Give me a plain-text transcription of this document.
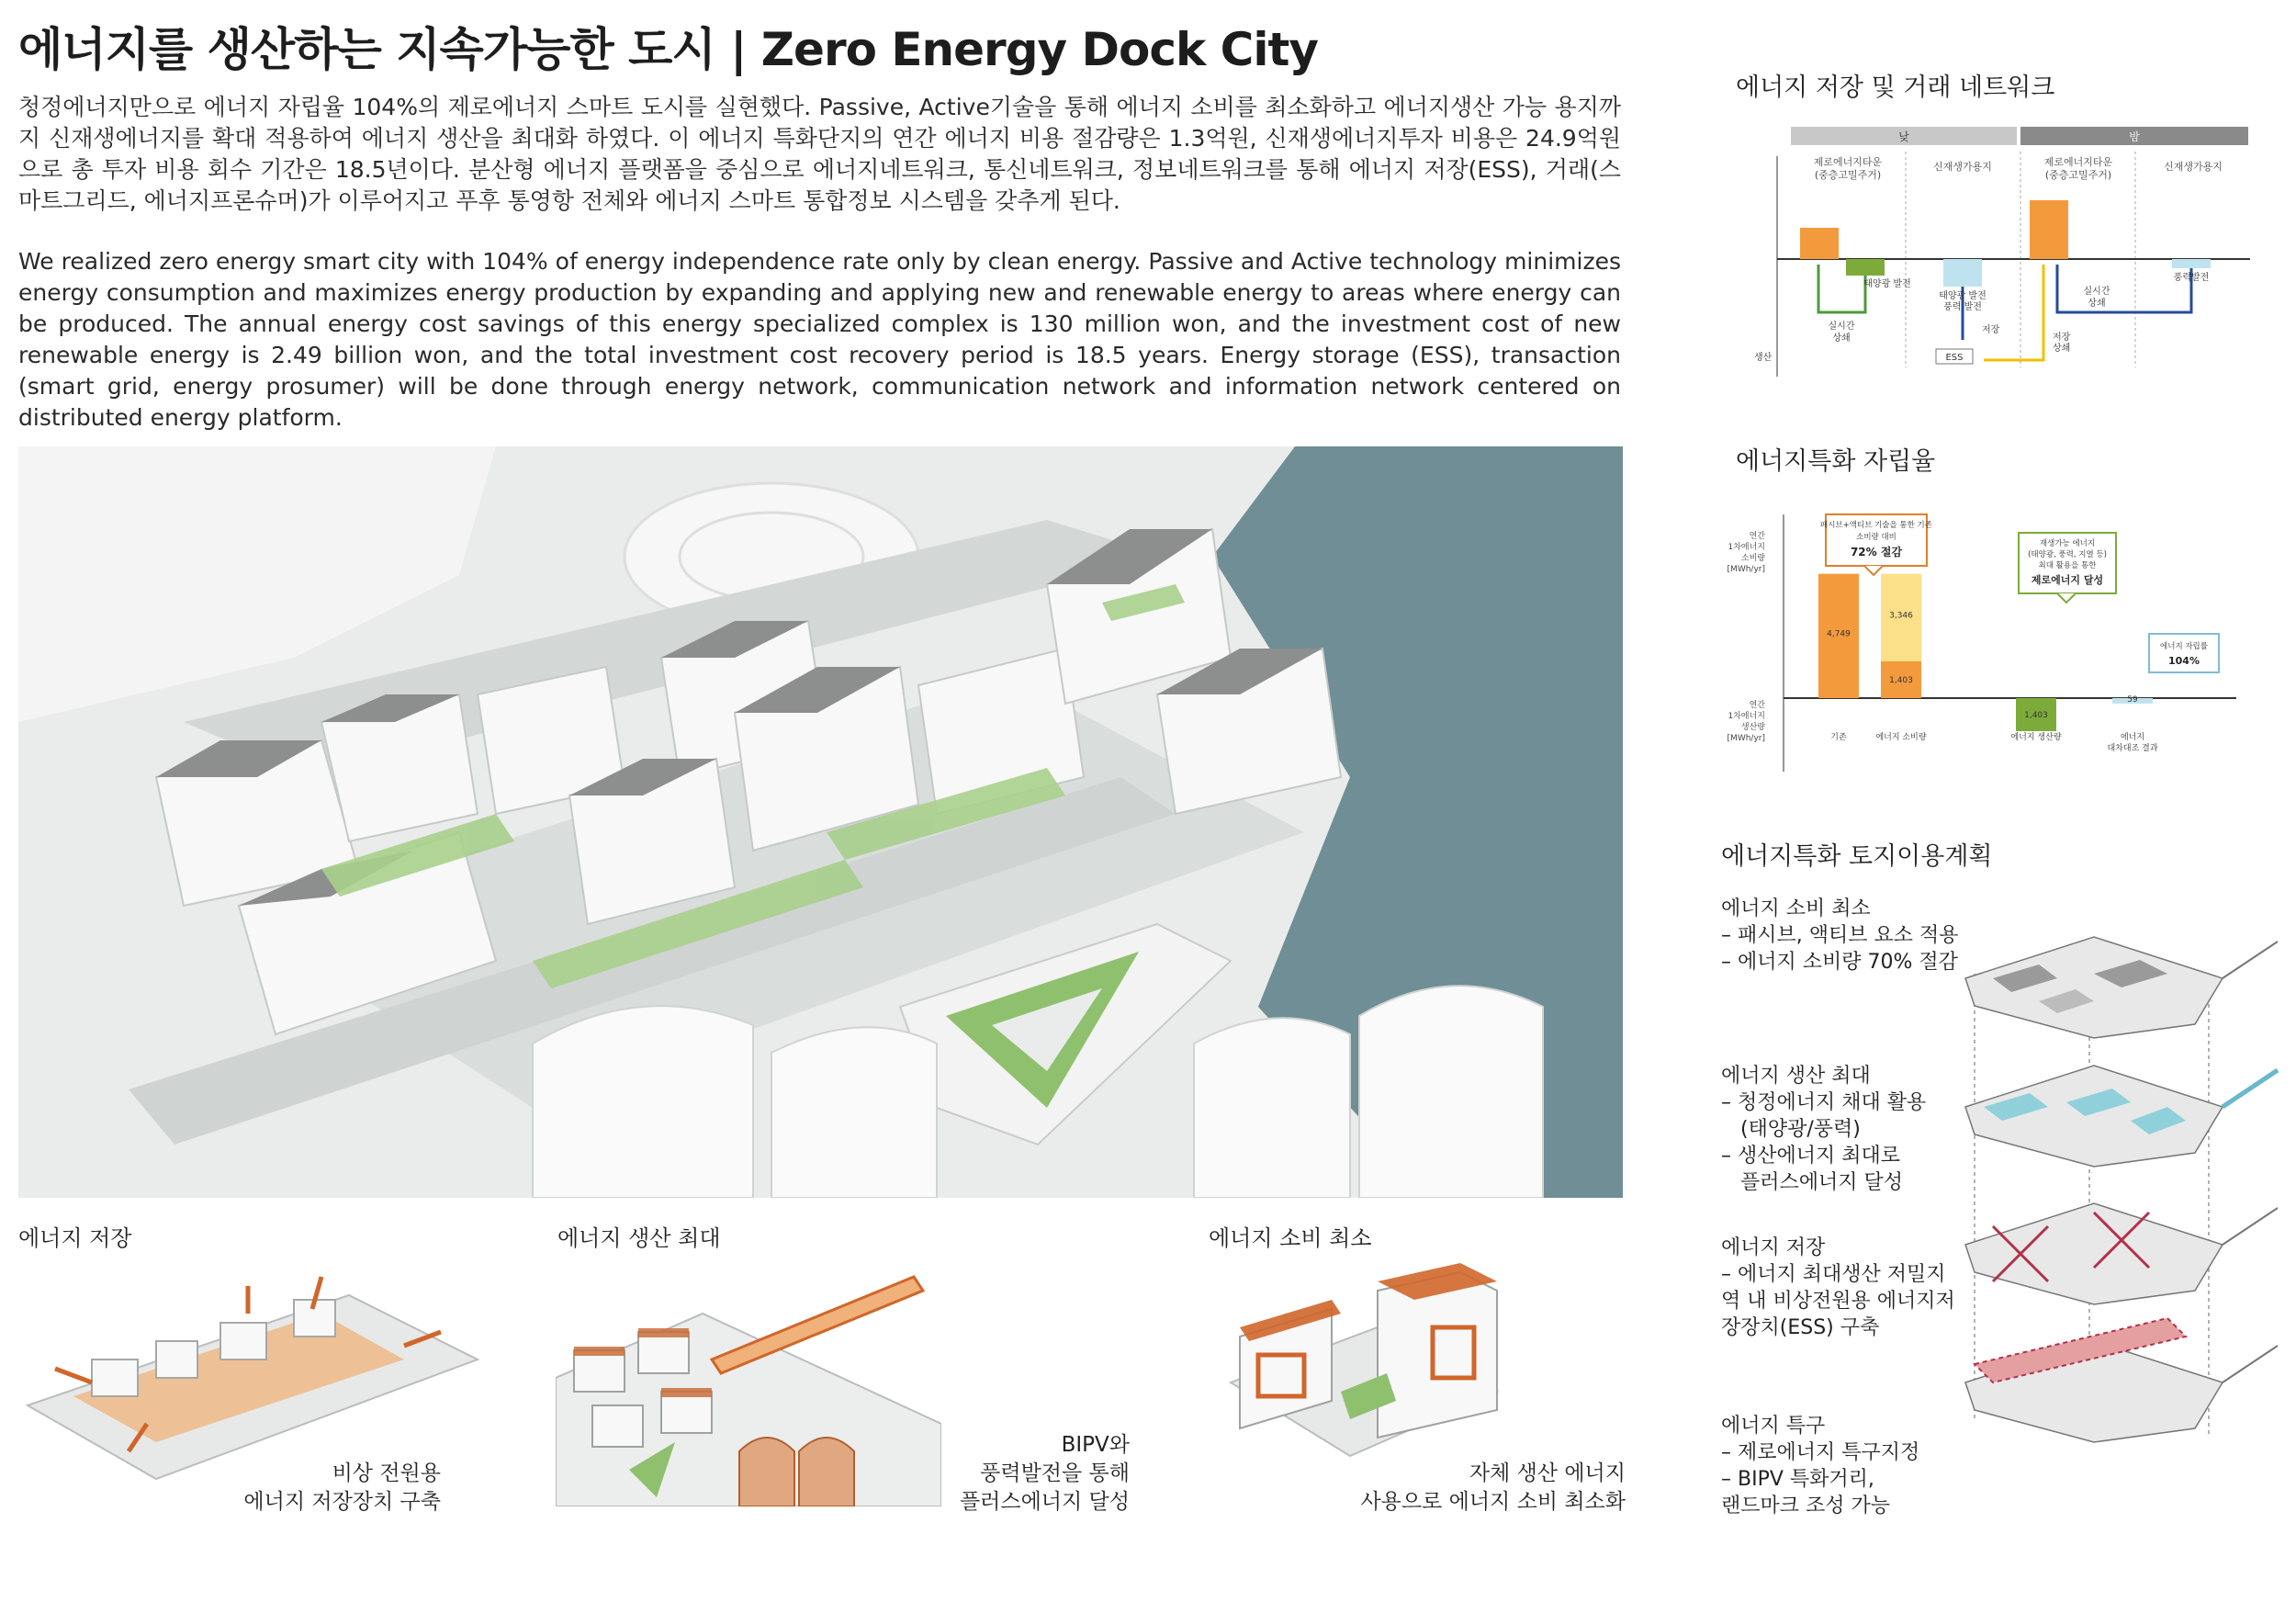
에너지를 생산하는 지속가능한 도시 | Zero Energy Dock City
청정에너지만으로 에너지 자립율 104%의 제로에너지 스마트 도시를 실현했다. Passive, Active기술을 통해 에너지 소비를 최소화하고 에너지생산 가능 용지까지 신재생에너지를 확대 적용하여 에너지 생산을 최대화 하였다. 이 에너지 특화단지의 연간 에너지 비용 절감량은 1.3억원, 신재생에너지투자 비용은 24.9억원으로 총 투자 비용 회수 기간은 18.5년이다. 분산형 에너지 플랫폼을 중심으로 에너지네트워크, 통신네트워크, 정보네트워크를 통해 에너지 저장(ESS), 거래(스마트그리드, 에너지프론슈머)가 이루어지고 푸후 통영항 전체와 에너지 스마트 통합정보 시스템을 갖추게 된다.
We realized zero energy smart city with 104% of energy independence rate only by clean energy. Passive and Active technology minimizes energy consumption and maximizes energy production by expanding and applying new and renewable energy to areas where energy can be produced. The annual energy cost savings of this energy specialized complex is 130 million won, and the investment cost of new renewable energy is 2.49 billion won, and the total investment cost recovery period is 18.5 years. Energy storage (ESS), transaction (smart grid, energy prosumer) will be done through energy network, communication network and information network centered on distributed energy platform.
에너지 저장	에너지 생산 최대	에너지 소비 최소
비상 전원용
에너지 저장장치 구축
BIPV와
풍력발전을 통해
플러스에너지 달성
자체 생산 에너지
사용으로 에너지 소비 최소화
에너지 저장 및 거래 네트워크
낮	밤
제로에너지타운
(중층고밀주거)
신재생가용지	제로에너지타운
(중층고밀주거)
신재생가용지
ESS
태양광 발전
실시간
상쇄
태양광 발전
풍력 발전
저장
저장
상쇄
실시간
상쇄
풍력발전
생산
에너지특화 자립율
연간
1차에너지
소비량
[MWh/yr]
연간
1차에너지
생산량
[MWh/yr]
4,749
3,346
1,403
1,403
59
기존	에너지 소비량	에너지 생산량	에너지
대차대조 결과
패시브+액티브 기술을 통한 기존
소비량 대비
72% 절감
재생가능 에너지
(태양광, 풍력, 지열 등)
최대 활용을 통한
제로에너지 달성
에너지 자립률
104%
에너지특화 토지이용계획
에너지 소비 최소
– 패시브, 액티브 요소 적용
– 에너지 소비량 70% 절감
에너지 생산 최대
– 청정에너지 채대 활용
(태양광/풍력)
– 생산에너지 최대로
플러스에너지 달성
에너지 저장
– 에너지 최대생산 저밀지
역 내 비상전원용 에너지저
장장치(ESS) 구축
에너지 특구
– 제로에너지 특구지정
– BIPV 특화거리,
랜드마크 조성 가능
